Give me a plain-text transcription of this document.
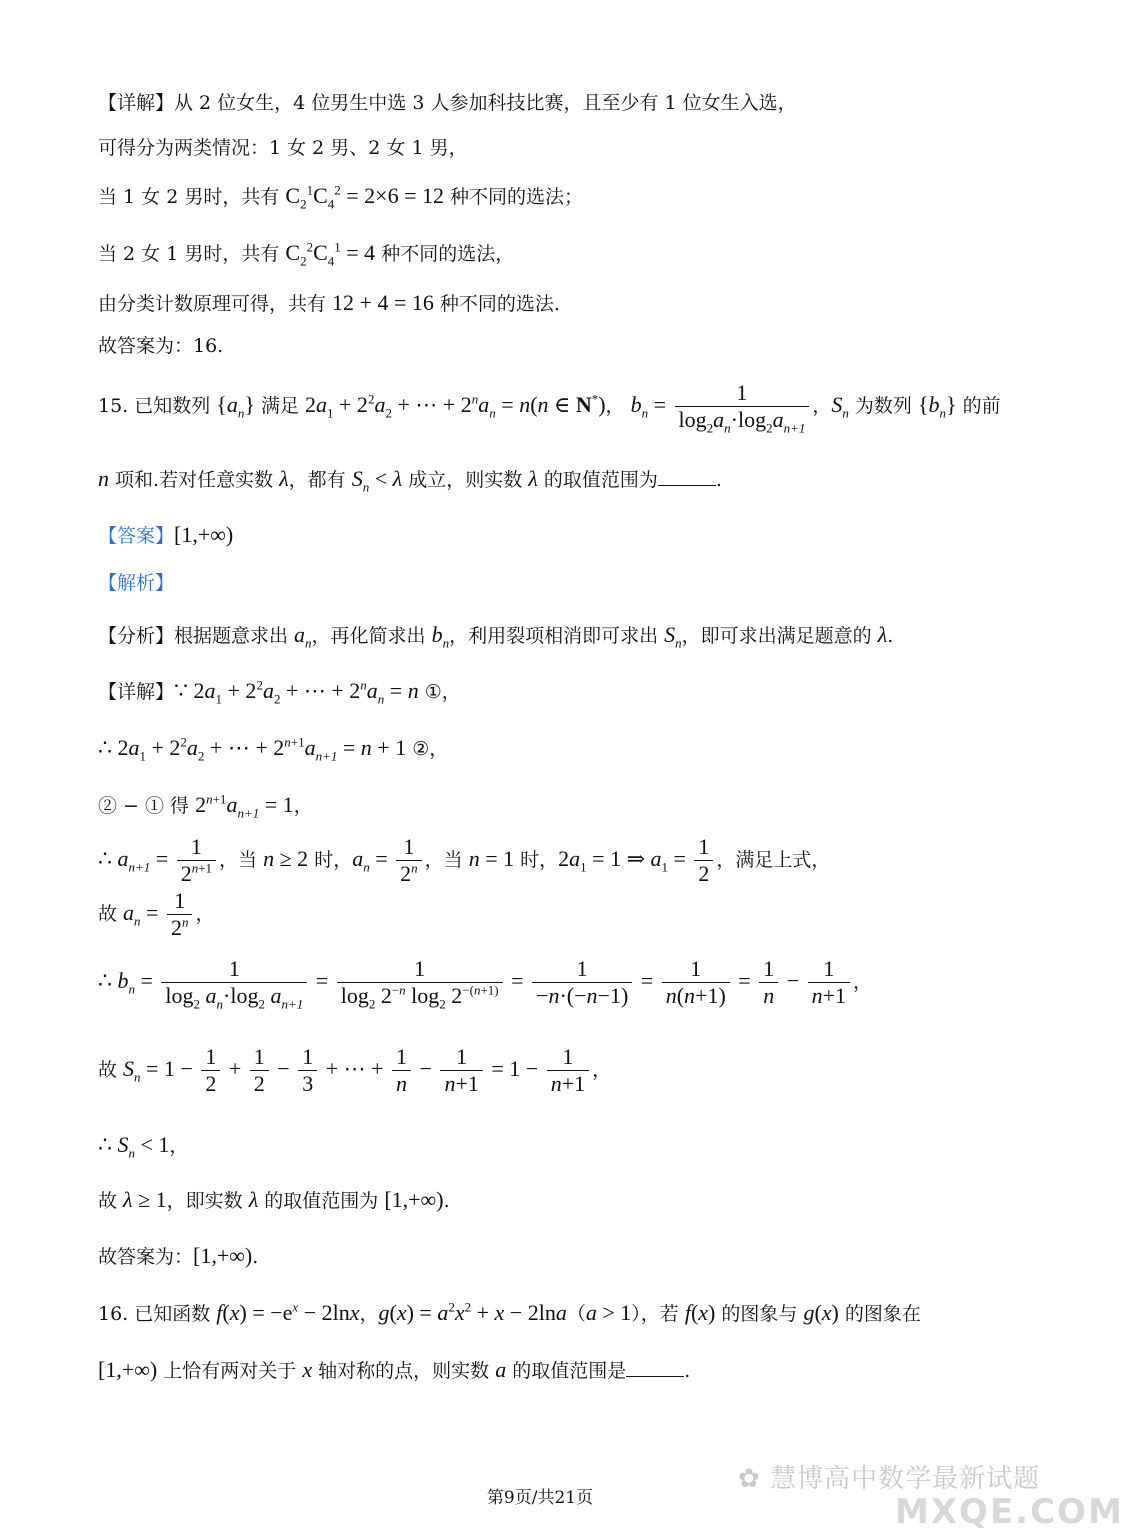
【详解】从 2 位女生，4 位男生中选 3 人参加科技比赛，且至少有 1 位女生入选，
可得分为两类情况：1 女 2 男、2 女 1 男，
当 1 女 2 男时，共有 $C_2^1C_4^2 = 2\times 6 = 12$ 种不同的选法；
当 2 女 1 男时，共有 $C_2^2C_4^1 = 4$ 种不同的选法，
由分类计数原理可得，共有 12 + 4 = 16 种不同的选法.
故答案为：16.
15. 已知数列 $\{a_n\}$ 满足 $2a_1 + 2^2a_2$ + ⋯ + $2^na_n = n(n$ ∈ N*)， $b_n = \frac{1}{\log_2a_n\cdot\log_2a_{n+1}}$ ，$S_n$ 为数列 $\{b_n\}$ 的前
n 项和.若对任意实数 λ，都有 $S_n < \lambda$ 成立，则实数 λ 的取值范围为	.
【答案】[1,+∞)
【解析】
【分析】根据题意求出 $a_n$，再化简求出 $b_n$，利用裂项相消即可求出 $S_n$，即可求出满足题意的 λ.
【详解】∵ $2a_1 + 2^2a_2$ + ⋯ + $2^na_n = n$ ①，
∴ $2a_1 + 2^2a_2$ + ⋯ + $2^{n+1}a_{n+1} = n + 1$ ②，
② − ① 得 $2^{n+1}a_{n+1} = 1$，
∴ $a_{n+1} = \frac{1}{2^{n+1}}$ ，当 n ≥ 2 时，$a_n = \frac{1}{2^n}$ ，当 n = 1 时，$2a_1 = 1$ ⇒ $a_1 = \frac{1}{2}$ ，满足上式，
故 $a_n = \frac{1}{2^n}$ ，
∴ $b_n = \frac{1}{\log_2 a_n\cdot\log_2 a_{n+1}} = \frac{1}{\log_2 2^{-n} \log_2 2^{-(n+1)}} = \frac{1}{-n\cdot(-n-1)} = \frac{1}{n(n+1)} = \frac{1}{n} - \frac{1}{n+1}$ ，
故 $S_n = 1 - \frac{1}{2} + \frac{1}{2} - \frac{1}{3}$ + ⋯ + $\frac{1}{n} - \frac{1}{n+1} = 1 - \frac{1}{n+1}$ ，
∴ $S_n < 1$，
故 λ ≥ 1，即实数 λ 的取值范围为 [1,+∞).
故答案为：[1,+∞).
16. 已知函数 $f(x) = -e^x - 2\ln x$，$g(x) = a^2x^2 + x - 2\ln a(a > 1)$，若 f(x) 的图象与 g(x) 的图象在
[1,+∞) 上恰有两对关于 x 轴对称的点，则实数 a 的取值范围是	.
✿ 慧博高中数学最新试题
MXQE.COM
第9页/共21页
